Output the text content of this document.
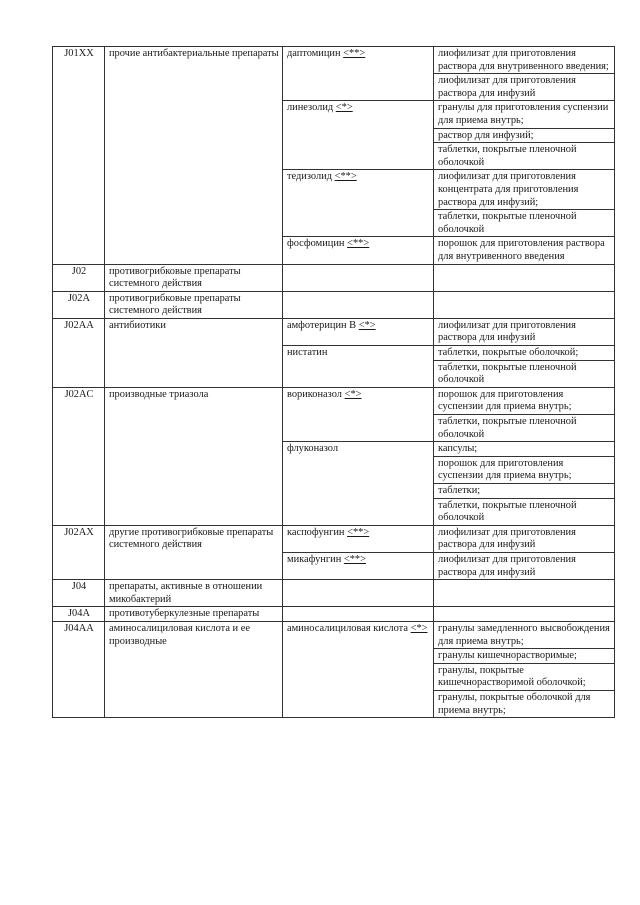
J01XX	прочие антибактериальные препараты	даптомицин <**>	лиофилизат для приготовления раствора для внутривенного введения;
			лиофилизат для приготовления раствора для инфузий
		линезолид <*>	гранулы для приготовления суспензии для приема внутрь;
			раствор для инфузий;
			таблетки, покрытые пленочной оболочкой
		тедизолид <**>	лиофилизат для приготовления концентрата для приготовления раствора для инфузий;
			таблетки, покрытые пленочной оболочкой
		фосфомицин <**>	порошок для приготовления раствора для внутривенного введения
J02	противогрибковые препараты системного действия		
J02A	противогрибковые препараты системного действия		
J02AA	антибиотики	амфотерицин В <*>	лиофилизат для приготовления раствора для инфузий
		нистатин	таблетки, покрытые оболочкой;
			таблетки, покрытые пленочной оболочкой
J02AC	производные триазола	вориконазол <*>	порошок для приготовления суспензии для приема внутрь;
			таблетки, покрытые пленочной оболочкой
		флуконазол	капсулы;
			порошок для приготовления суспензии для приема внутрь;
			таблетки;
			таблетки, покрытые пленочной оболочкой
J02AX	другие противогрибковые препараты системного действия	каспофунгин <**>	лиофилизат для приготовления раствора для инфузий
		микафунгин <**>	лиофилизат для приготовления раствора для инфузий
J04	препараты, активные в отношении микобактерий		
J04A	противотуберкулезные препараты		
J04AA	аминосалициловая кислота и ее производные	аминосалициловая кислота <*>	гранулы замедленного высвобождения для приема внутрь;
			гранулы кишечнорастворимые;
			гранулы, покрытые кишечнорастворимой оболочкой;
			гранулы, покрытые оболочкой для приема внутрь;
